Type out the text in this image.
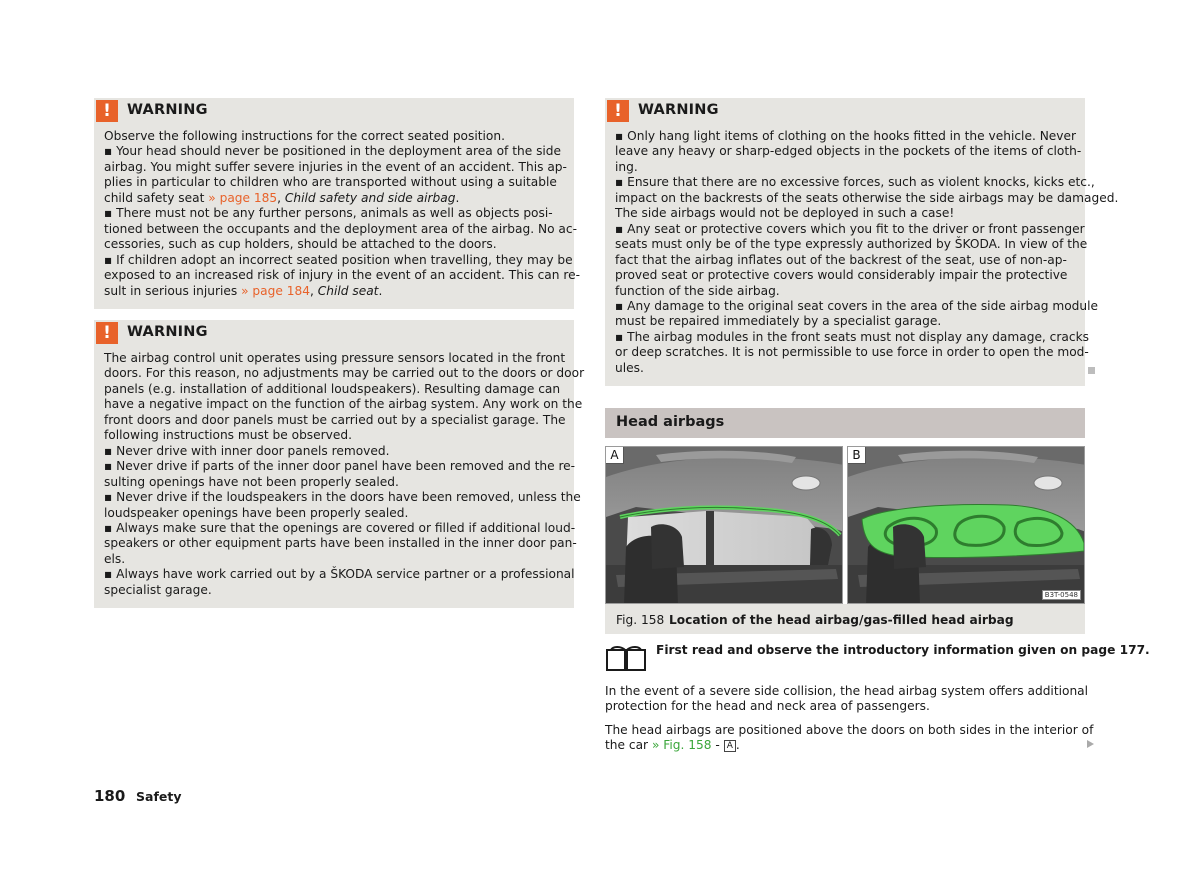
!	WARNING
Observe the following instructions for the correct seated position.
▪ Your head should never be positioned in the deployment area of the side
airbag. You might suffer severe injuries in the event of an accident. This ap-
plies in particular to children who are transported without using a suitable
child safety seat » page 185, Child safety and side airbag.
▪ There must not be any further persons, animals as well as objects posi-
tioned between the occupants and the deployment area of the airbag. No ac-
cessories, such as cup holders, should be attached to the doors.
▪ If children adopt an incorrect seated position when travelling, they may be
exposed to an increased risk of injury in the event of an accident. This can re-
sult in serious injuries » page 184, Child seat.
!	WARNING
The airbag control unit operates using pressure sensors located in the front
doors. For this reason, no adjustments may be carried out to the doors or door
panels (e.g. installation of additional loudspeakers). Resulting damage can
have a negative impact on the function of the airbag system. Any work on the
front doors and door panels must be carried out by a specialist garage. The
following instructions must be observed.
▪ Never drive with inner door panels removed.
▪ Never drive if parts of the inner door panel have been removed and the re-
sulting openings have not been properly sealed.
▪ Never drive if the loudspeakers in the doors have been removed, unless the
loudspeaker openings have been properly sealed.
▪ Always make sure that the openings are covered or filled if additional loud-
speakers or other equipment parts have been installed in the inner door pan-
els.
▪ Always have work carried out by a ŠKODA service partner or a professional
specialist garage.
!	WARNING
▪ Only hang light items of clothing on the hooks fitted in the vehicle. Never
leave any heavy or sharp-edged objects in the pockets of the items of cloth-
ing.
▪ Ensure that there are no excessive forces, such as violent knocks, kicks etc.,
impact on the backrests of the seats otherwise the side airbags may be damaged.
The side airbags would not be deployed in such a case!
▪ Any seat or protective covers which you fit to the driver or front passenger
seats must only be of the type expressly authorized by ŠKODA. In view of the
fact that the airbag inflates out of the backrest of the seat, use of non-ap-
proved seat or protective covers would considerably impair the protective
function of the side airbag.
▪ Any damage to the original seat covers in the area of the side airbag module
must be repaired immediately by a specialist garage.
▪ The airbag modules in the front seats must not display any damage, cracks
or deep scratches. It is not permissible to use force in order to open the mod-
ules.
Head airbags
A	B
B3T-0548
Fig. 158 Location of the head airbag/gas-filled head airbag
First read and observe the introductory information given on page 177.
In the event of a severe side collision, the head airbag system offers additional
protection for the head and neck area of passengers.
The head airbags are positioned above the doors on both sides in the interior of
the car » Fig. 158 - A .
180 Safety
